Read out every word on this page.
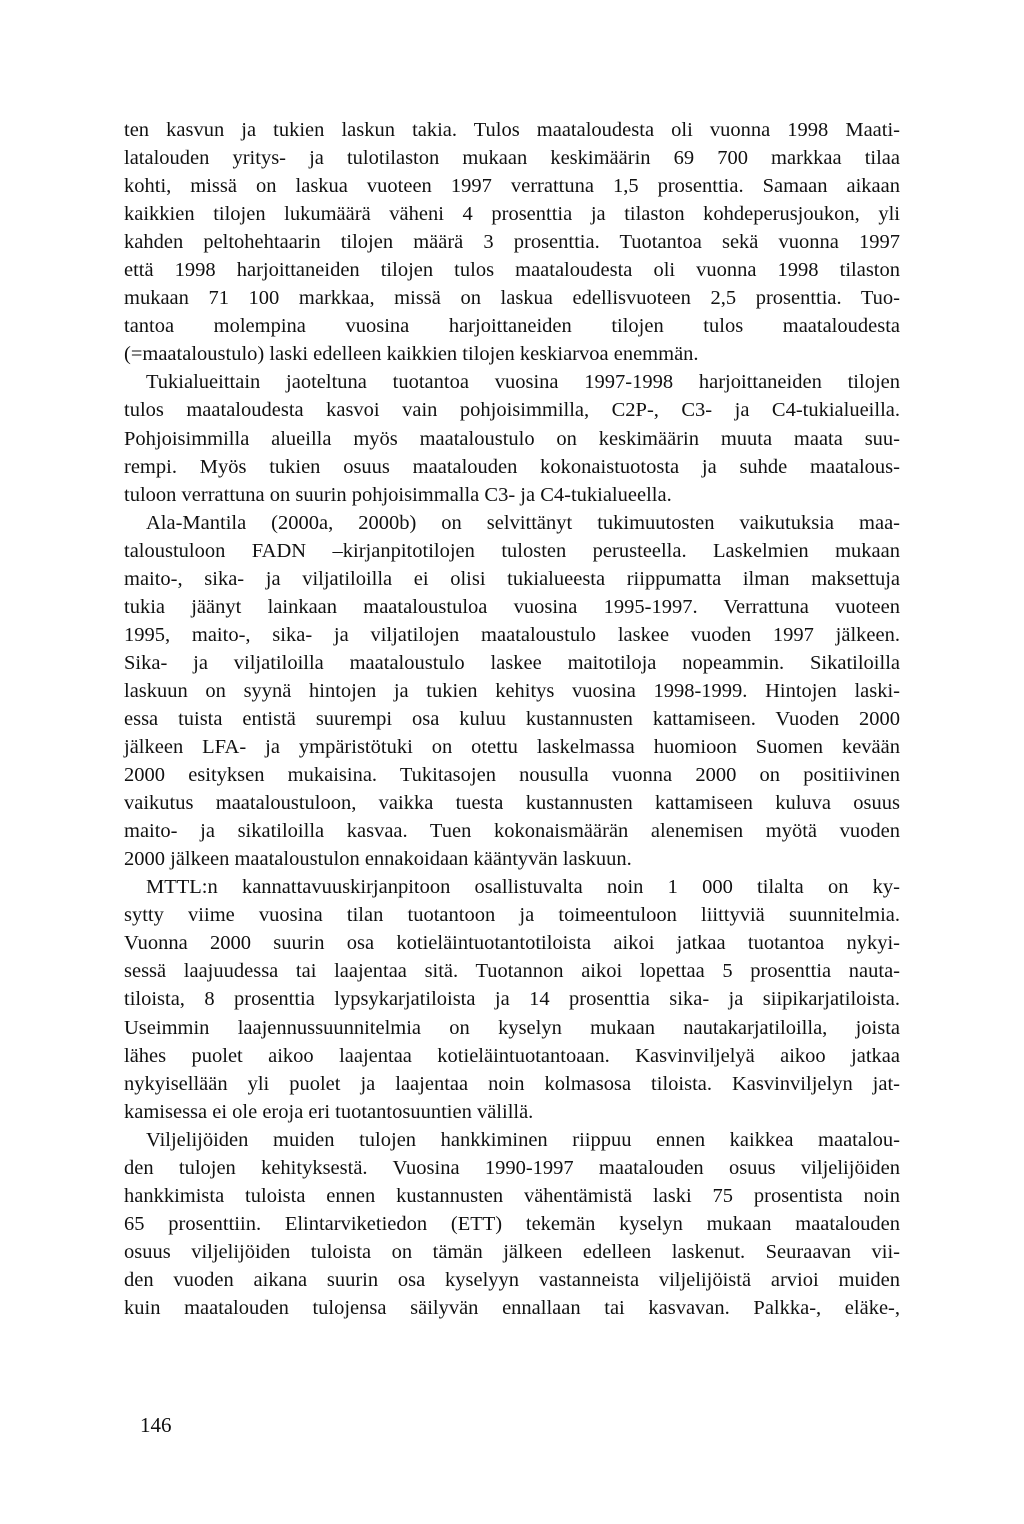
ten kasvun ja tukien laskun takia. Tulos maataloudesta oli vuonna 1998 Maati-
latalouden yritys- ja tulotilaston mukaan keskimäärin 69 700 markkaa tilaa
kohti, missä on laskua vuoteen 1997 verrattuna 1,5 prosenttia. Samaan aikaan
kaikkien tilojen lukumäärä väheni 4 prosenttia ja tilaston kohdeperusjoukon, yli
kahden peltohehtaarin tilojen määrä 3 prosenttia. Tuotantoa sekä vuonna 1997
että 1998 harjoittaneiden tilojen tulos maataloudesta oli vuonna 1998 tilaston
mukaan 71 100 markkaa, missä on laskua edellisvuoteen 2,5 prosenttia. Tuo-
tantoa molempina vuosina harjoittaneiden tilojen tulos maataloudesta
(=maataloustulo) laski edelleen kaikkien tilojen keskiarvoa enemmän.
Tukialueittain jaoteltuna tuotantoa vuosina 1997-1998 harjoittaneiden tilojen
tulos maataloudesta kasvoi vain pohjoisimmilla, C2P-, C3- ja C4-tukialueilla.
Pohjoisimmilla alueilla myös maataloustulo on keskimäärin muuta maata suu-
rempi. Myös tukien osuus maatalouden kokonaistuotosta ja suhde maatalous-
tuloon verrattuna on suurin pohjoisimmalla C3- ja C4-tukialueella.
Ala-Mantila (2000a, 2000b) on selvittänyt tukimuutosten vaikutuksia maa-
taloustuloon FADN –kirjanpitotilojen tulosten perusteella. Laskelmien mukaan
maito-, sika- ja viljatiloilla ei olisi tukialueesta riippumatta ilman maksettuja
tukia jäänyt lainkaan maataloustuloa vuosina 1995-1997. Verrattuna vuoteen
1995, maito-, sika- ja viljatilojen maataloustulo laskee vuoden 1997 jälkeen.
Sika- ja viljatiloilla maataloustulo laskee maitotiloja nopeammin. Sikatiloilla
laskuun on syynä hintojen ja tukien kehitys vuosina 1998-1999. Hintojen laski-
essa tuista entistä suurempi osa kuluu kustannusten kattamiseen. Vuoden 2000
jälkeen LFA- ja ympäristötuki on otettu laskelmassa huomioon Suomen kevään
2000 esityksen mukaisina. Tukitasojen nousulla vuonna 2000 on positiivinen
vaikutus maataloustuloon, vaikka tuesta kustannusten kattamiseen kuluva osuus
maito- ja sikatiloilla kasvaa. Tuen kokonaismäärän alenemisen myötä vuoden
2000 jälkeen maataloustulon ennakoidaan kääntyvän laskuun.
MTTL:n kannattavuuskirjanpitoon osallistuvalta noin 1 000 tilalta on ky-
sytty viime vuosina tilan tuotantoon ja toimeentuloon liittyviä suunnitelmia.
Vuonna 2000 suurin osa kotieläintuotantotiloista aikoi jatkaa tuotantoa nykyi-
sessä laajuudessa tai laajentaa sitä. Tuotannon aikoi lopettaa 5 prosenttia nauta-
tiloista, 8 prosenttia lypsykarjatiloista ja 14 prosenttia sika- ja siipikarjatiloista.
Useimmin laajennussuunnitelmia on kyselyn mukaan nautakarjatiloilla, joista
lähes puolet aikoo laajentaa kotieläintuotantoaan. Kasvinviljelyä aikoo jatkaa
nykyisellään yli puolet ja laajentaa noin kolmasosa tiloista. Kasvinviljelyn jat-
kamisessa ei ole eroja eri tuotantosuuntien välillä.
Viljelijöiden muiden tulojen hankkiminen riippuu ennen kaikkea maatalou-
den tulojen kehityksestä. Vuosina 1990-1997 maatalouden osuus viljelijöiden
hankkimista tuloista ennen kustannusten vähentämistä laski 75 prosentista noin
65 prosenttiin. Elintarviketiedon (ETT) tekemän kyselyn mukaan maatalouden
osuus viljelijöiden tuloista on tämän jälkeen edelleen laskenut. Seuraavan vii-
den vuoden aikana suurin osa kyselyyn vastanneista viljelijöistä arvioi muiden
kuin maatalouden tulojensa säilyvän ennallaan tai kasvavan. Palkka-, eläke-,
146
